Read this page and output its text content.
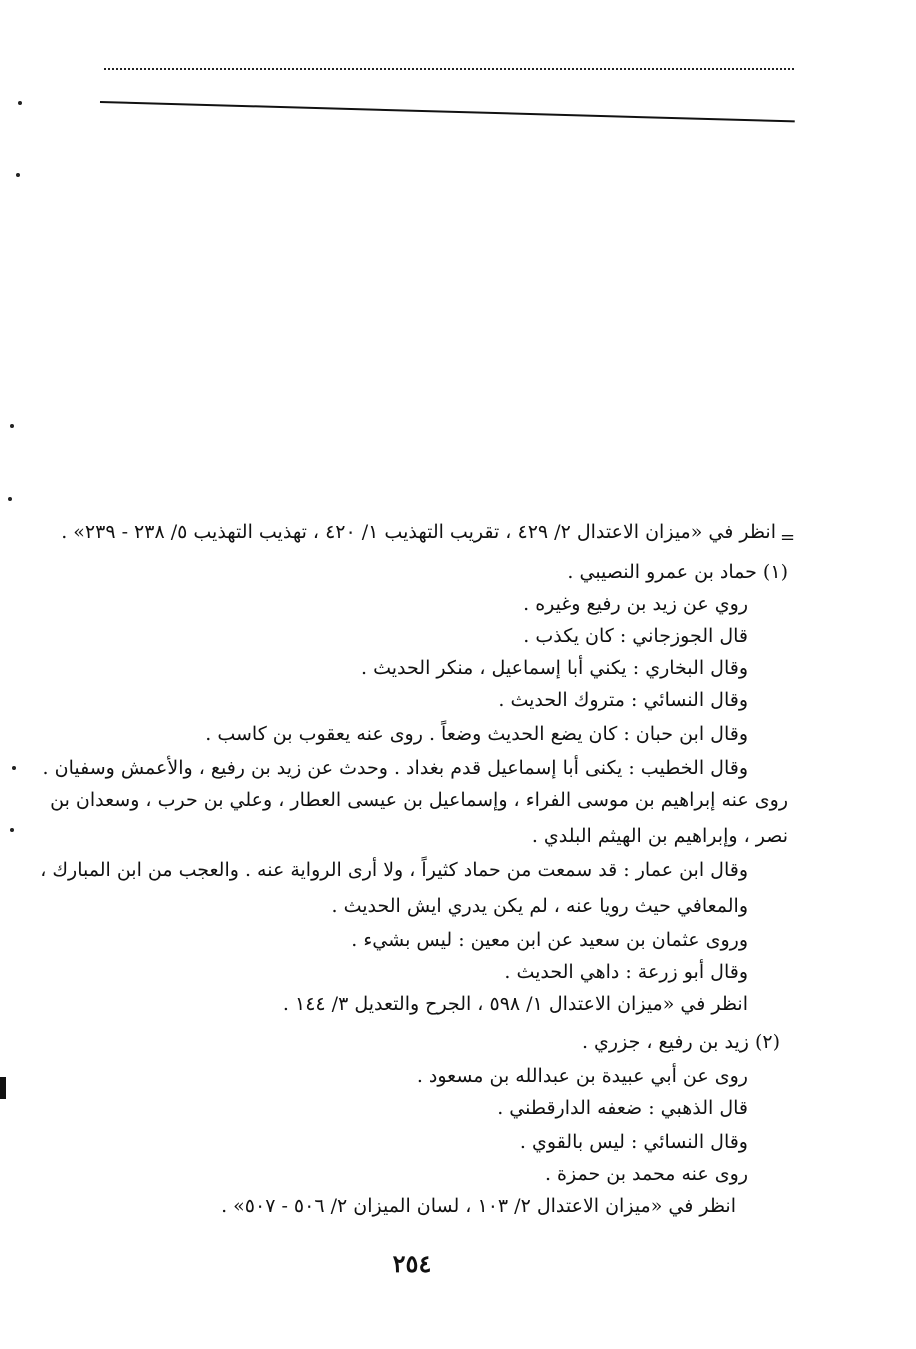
=
انظر في «ميزان الاعتدال ٢/ ٤٢٩ ، تقريب التهذيب ١/ ٤٢٠ ، تهذيب التهذيب ٥/ ٢٣٨ - ٢٣٩» .
(١) حماد بن عمرو النصيبي .
روي عن زيد بن رفيع وغيره .
قال الجوزجاني : كان يكذب .
وقال البخاري : يكني أبا إسماعيل ، منكر الحديث .
وقال النسائي : متروك الحديث .
وقال ابن حبان : كان يضع الحديث وضعاً . روى عنه يعقوب بن كاسب .
وقال الخطيب : يكنى أبا إسماعيل قدم بغداد . وحدث عن زيد بن رفيع ، والأعمش وسفيان .
روى عنه إبراهيم بن موسى الفراء ، وإسماعيل بن عيسى العطار ، وعلي بن حرب ، وسعدان بن
نصر ، وإبراهيم بن الهيثم البلدي .
وقال ابن عمار : قد سمعت من حماد كثيراً ، ولا أرى الرواية عنه . والعجب من ابن المبارك ،
والمعافي حيث رويا عنه ، لم يكن يدري ايش الحديث .
وروى عثمان بن سعيد عن ابن معين : ليس بشيء .
وقال أبو زرعة : داهي الحديث .
انظر في «ميزان الاعتدال ١/ ٥٩٨ ، الجرح والتعديل ٣/ ١٤٤ .
(٢) زيد بن رفيع ، جزري .
روى عن أبي عبيدة بن عبدالله بن مسعود .
قال الذهبي : ضعفه الدارقطني .
وقال النسائي : ليس بالقوي .
روى عنه محمد بن حمزة .
انظر في «ميزان الاعتدال ٢/ ١٠٣ ، لسان الميزان ٢/ ٥٠٦ - ٥٠٧» .
٢٥٤
